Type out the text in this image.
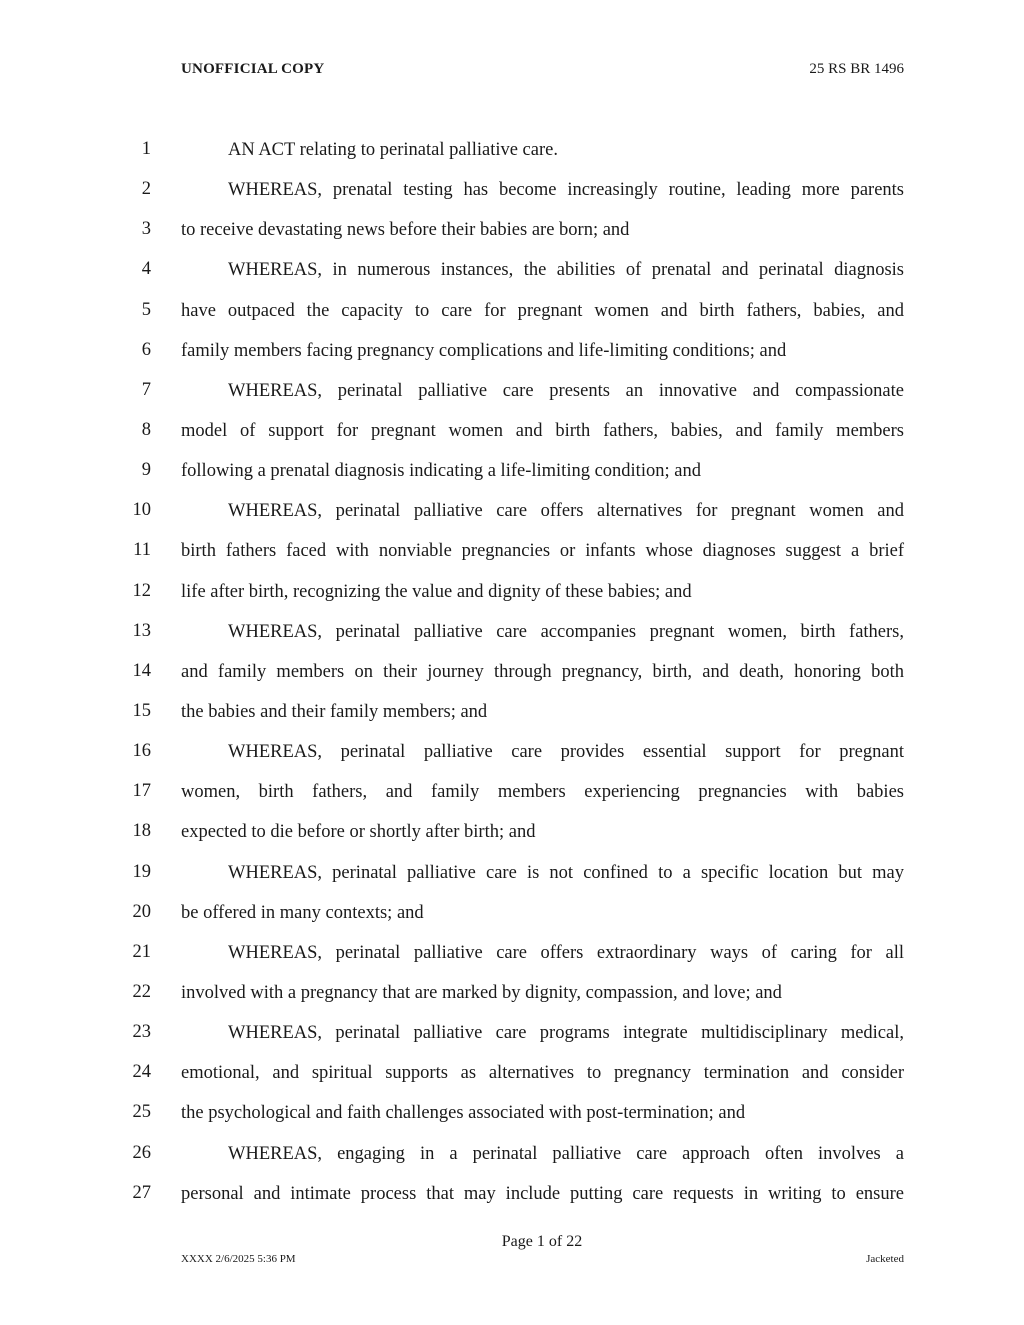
UNOFFICIAL COPY	25 RS BR 1496
1	AN ACT relating to perinatal palliative care.
2	WHEREAS, prenatal testing has become increasingly routine, leading more parents
3 to receive devastating news before their babies are born; and
4	WHEREAS, in numerous instances, the abilities of prenatal and perinatal diagnosis
5 have outpaced the capacity to care for pregnant women and birth fathers, babies, and
6 family members facing pregnancy complications and life-limiting conditions; and
7	WHEREAS, perinatal palliative care presents an innovative and compassionate
8 model of support for pregnant women and birth fathers, babies, and family members
9 following a prenatal diagnosis indicating a life-limiting condition; and
10	WHEREAS, perinatal palliative care offers alternatives for pregnant women and
11 birth fathers faced with nonviable pregnancies or infants whose diagnoses suggest a brief
12 life after birth, recognizing the value and dignity of these babies; and
13	WHEREAS, perinatal palliative care accompanies pregnant women, birth fathers,
14 and family members on their journey through pregnancy, birth, and death, honoring both
15 the babies and their family members; and
16	WHEREAS, perinatal palliative care provides essential support for pregnant
17 women, birth fathers, and family members experiencing pregnancies with babies
18 expected to die before or shortly after birth; and
19	WHEREAS, perinatal palliative care is not confined to a specific location but may
20 be offered in many contexts; and
21	WHEREAS, perinatal palliative care offers extraordinary ways of caring for all
22 involved with a pregnancy that are marked by dignity, compassion, and love; and
23	WHEREAS, perinatal palliative care programs integrate multidisciplinary medical,
24 emotional, and spiritual supports as alternatives to pregnancy termination and consider
25 the psychological and faith challenges associated with post-termination; and
26	WHEREAS, engaging in a perinatal palliative care approach often involves a
27 personal and intimate process that may include putting care requests in writing to ensure
Page 1 of 22
XXXX 2/6/2025 5:36 PM	Jacketed
